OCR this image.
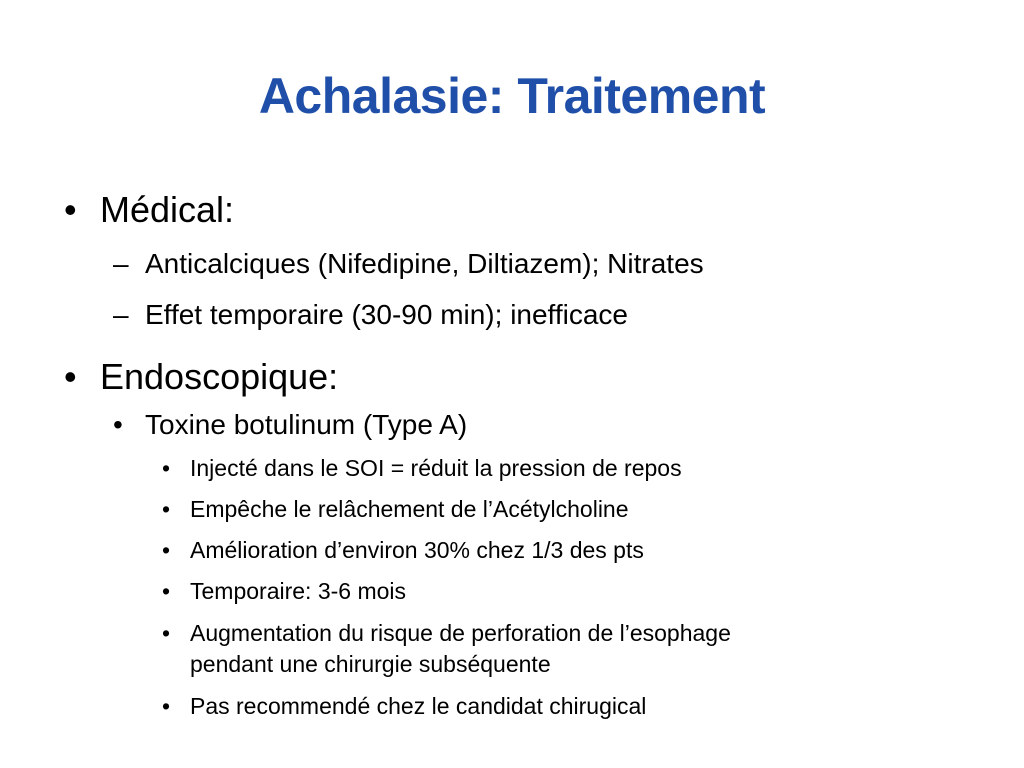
Achalasie: Traitement
• Médical:
– Anticalciques (Nifedipine, Diltiazem); Nitrates
– Effet temporaire (30-90 min); inefficace
• Endoscopique:
• Toxine botulinum (Type A)
• Injecté dans le SOI = réduit la pression de repos
• Empêche le relâchement de l’Acétylcholine
• Amélioration d’environ 30% chez 1/3 des pts
• Temporaire: 3-6 mois
• Augmentation du risque de perforation de l’esophage
pendant une chirurgie subséquente
• Pas recommendé chez le candidat chirugical
